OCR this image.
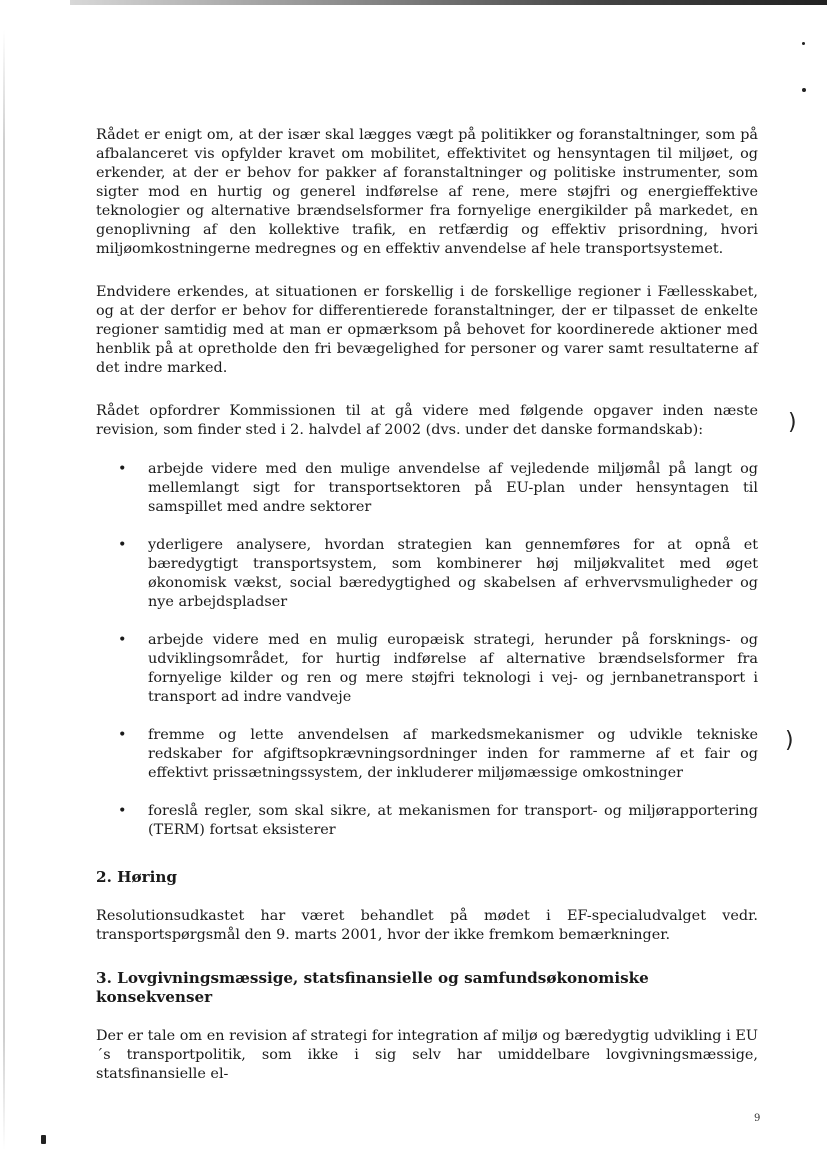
)
)

Rådet er enigt om, at der især skal lægges vægt på politikker og foranstaltninger, som på afbalanceret vis opfylder kravet om mobilitet, effektivitet og hensyntagen til miljøet, og erkender, at der er behov for pakker af foranstaltninger og politiske instrumenter, som sigter mod en hurtig og generel indførelse af rene, mere støjfri og energieffektive teknologier og alternative brændselsformer fra fornyelige energikilder på markedet, en genoplivning af den kollektive trafik, en retfærdig og effektiv prisordning, hvori miljøomkostningerne medregnes og en effektiv anvendelse af hele transportsystemet.

Endvidere erkendes, at situationen er forskellig i de forskellige regioner i Fællesskabet, og at der derfor er behov for differentierede foranstaltninger, der er tilpasset de enkelte regioner samtidig med at man er opmærksom på behovet for koordinerede aktioner med henblik på at opretholde den fri bevægelighed for personer og varer samt resultaterne af det indre marked.

Rådet opfordrer Kommissionen til at gå videre med følgende opgaver inden næste revision, som finder sted i 2. halvdel af 2002 (dvs. under det danske formandskab):

• arbejde videre med den mulige anvendelse af vejledende miljømål på langt og mellemlangt sigt for transportsektoren på EU-plan under hensyntagen til samspillet med andre sektorer
• yderligere analysere, hvordan strategien kan gennemføres for at opnå et bæredygtigt transportsystem, som kombinerer høj miljøkvalitet med øget økonomisk vækst, social bæredygtighed og skabelsen af erhvervsmuligheder og nye arbejdspladser
• arbejde videre med en mulig europæisk strategi, herunder på forsknings- og udviklingsområdet, for hurtig indførelse af alternative brændselsformer fra fornyelige kilder og ren og mere støjfri teknologi i vej- og jernbanetransport i transport ad indre vandveje
• fremme og lette anvendelsen af markedsmekanismer og udvikle tekniske redskaber for afgiftsopkrævningsordninger inden for rammerne af et fair og effektivt prissætningssystem, der inkluderer miljømæssige omkostninger
• foreslå regler, som skal sikre, at mekanismen for transport- og miljørapportering (TERM) fortsat eksisterer
2. Høring

Resolutionsudkastet har været behandlet på mødet i EF-specialudvalget vedr. transportspørgsmål den 9. marts 2001, hvor der ikke fremkom bemærkninger.

3. Lovgivningsmæssige, statsfinansielle og samfundsøkonomiske konsekvenser

Der er tale om en revision af strategi for integration af miljø og bæredygtig udvikling i EU´s transportpolitik, som ikke i sig selv har umiddelbare lovgivningsmæssige, statsfinansielle el-

9
